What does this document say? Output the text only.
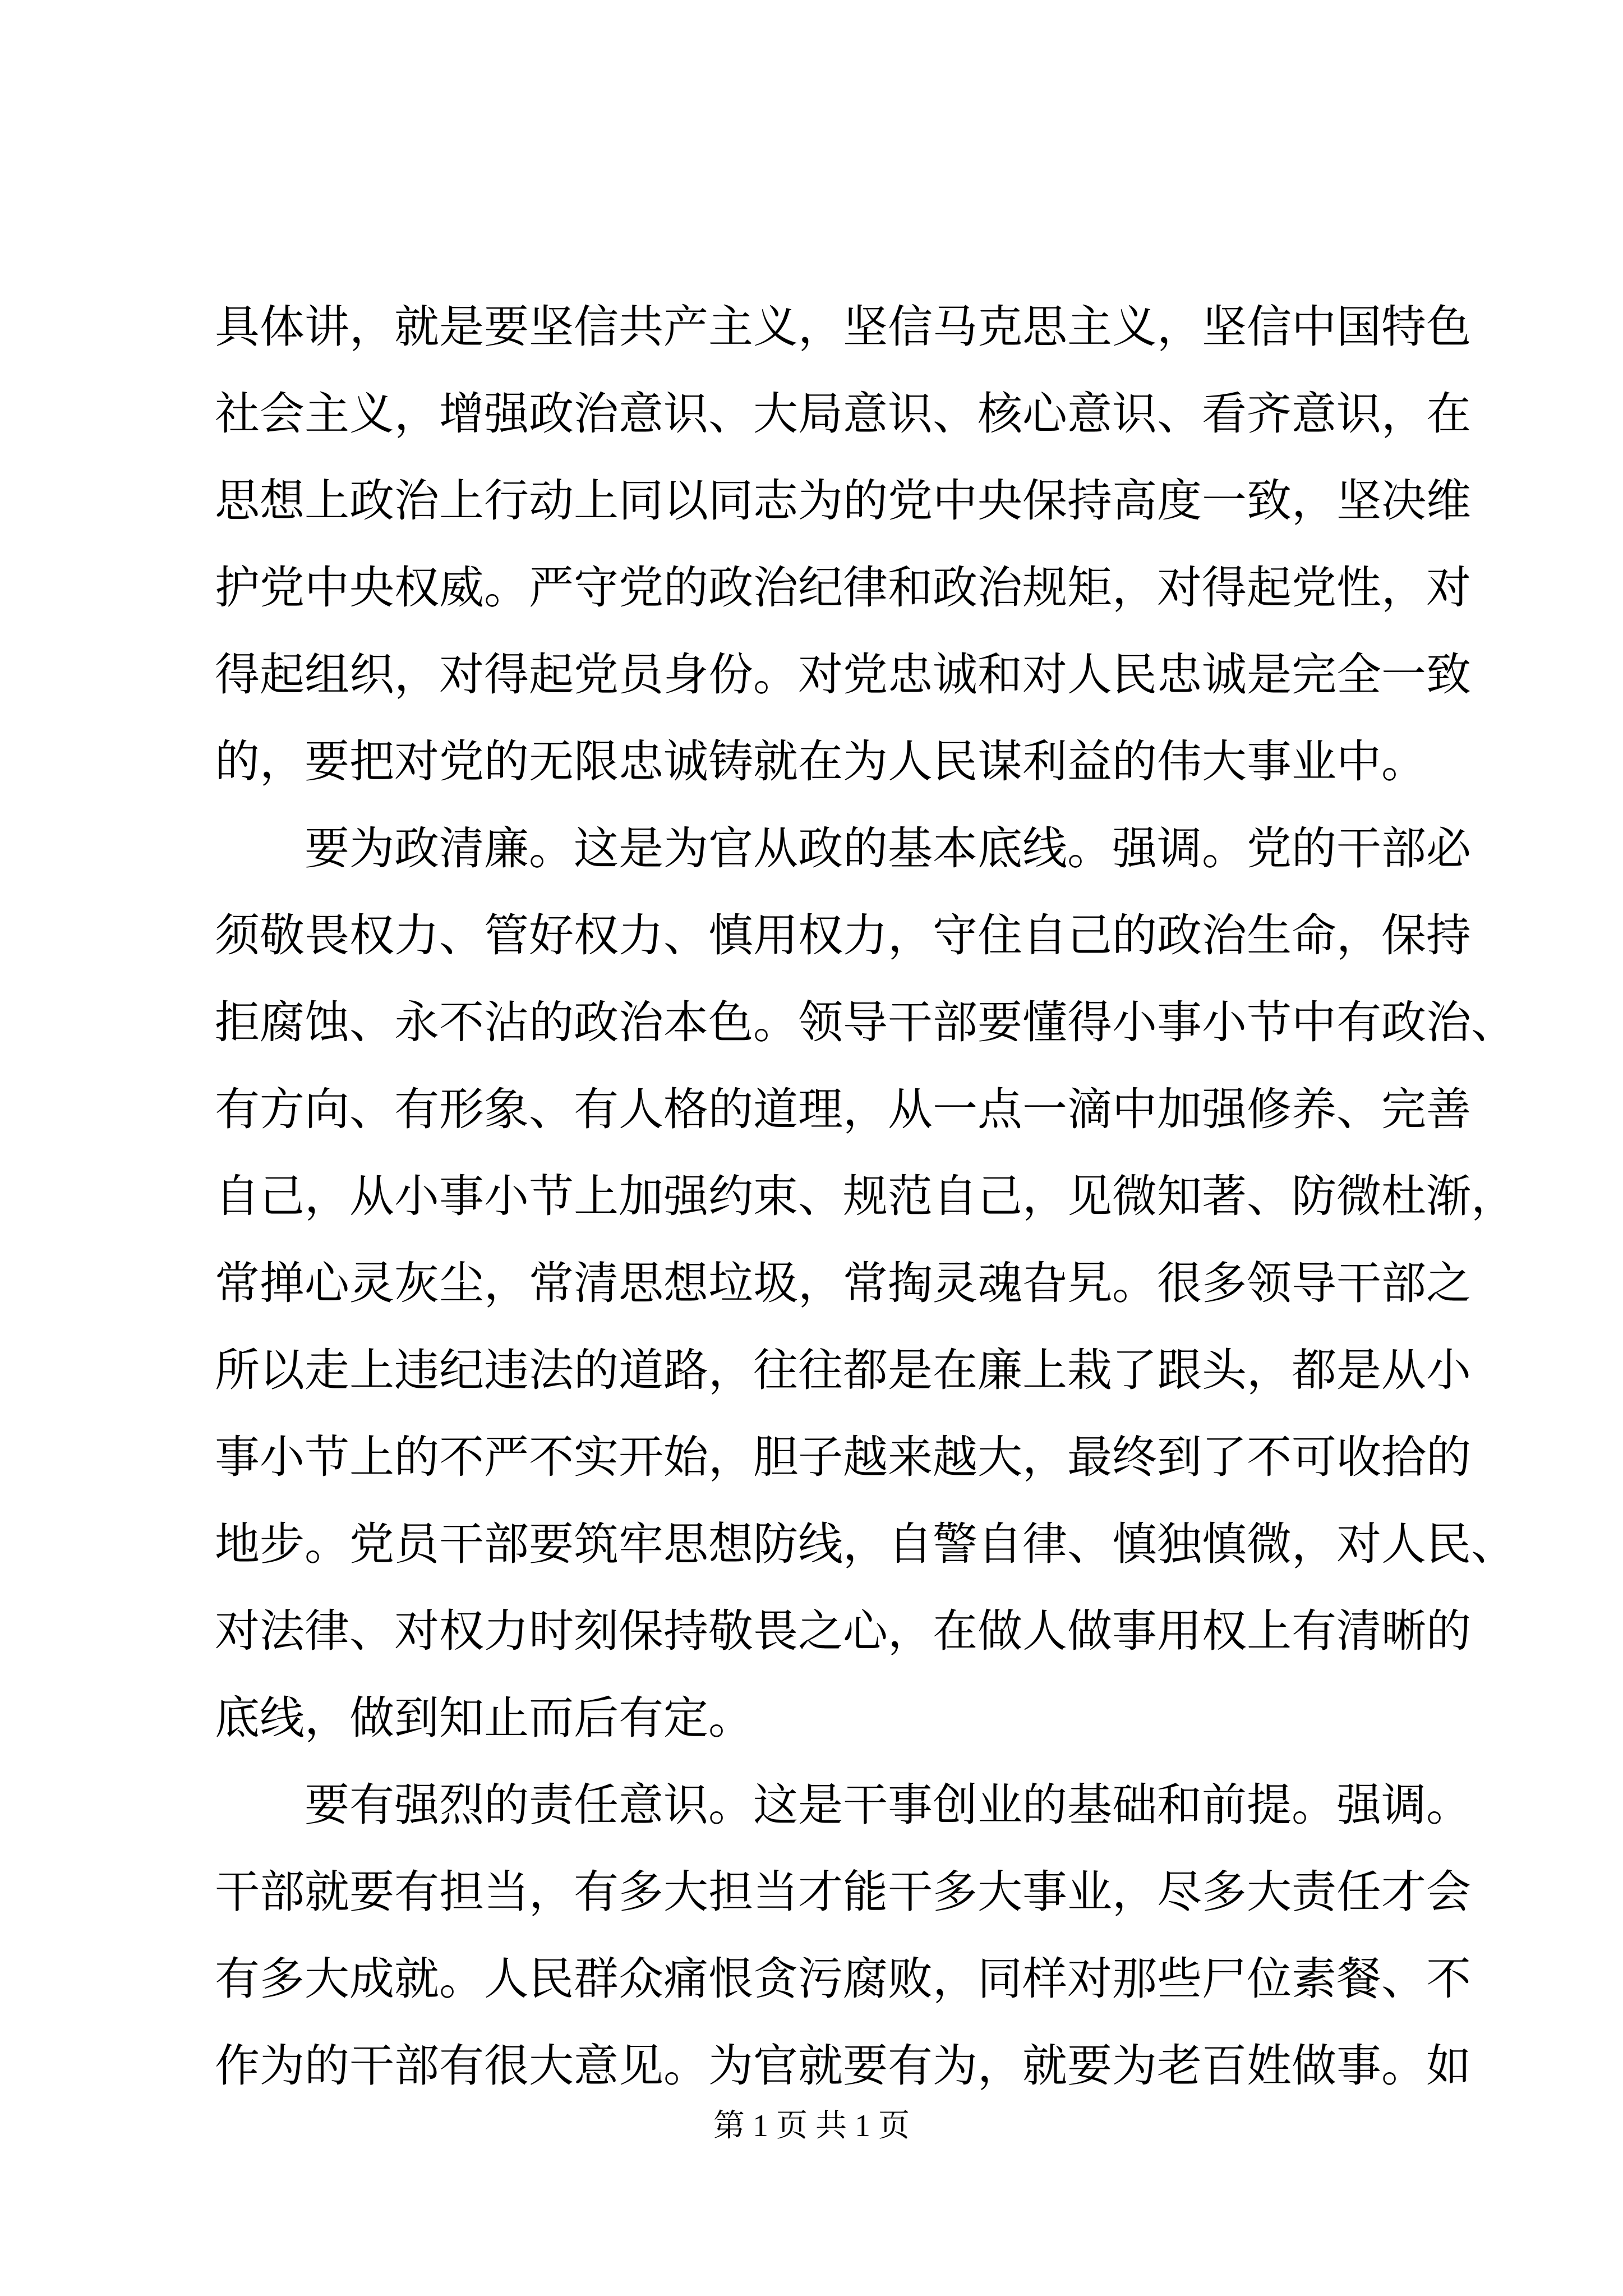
具体讲，就是要坚信共产主义，坚信马克思主义，坚信中国特色
社会主义，增强政治意识、大局意识、核心意识、看齐意识，在
思想上政治上行动上同以同志为的党中央保持高度一致，坚决维
护党中央权威。严守党的政治纪律和政治规矩，对得起党性，对
得起组织，对得起党员身份。对党忠诚和对人民忠诚是完全一致
的，要把对党的无限忠诚铸就在为人民谋利益的伟大事业中。
要为政清廉。这是为官从政的基本底线。强调。党的干部必
须敬畏权力、管好权力、慎用权力，守住自己的政治生命，保持
拒腐蚀、永不沾的政治本色。领导干部要懂得小事小节中有政治、
有方向、有形象、有人格的道理，从一点一滴中加强修养、完善
自己，从小事小节上加强约束、规范自己，见微知著、防微杜渐，
常掸心灵灰尘，常清思想垃圾，常掏灵魂旮旯。很多领导干部之
所以走上违纪违法的道路，往往都是在廉上栽了跟头，都是从小
事小节上的不严不实开始，胆子越来越大，最终到了不可收拾的
地步。党员干部要筑牢思想防线，自警自律、慎独慎微，对人民、
对法律、对权力时刻保持敬畏之心，在做人做事用权上有清晰的
底线，做到知止而后有定。
要有强烈的责任意识。这是干事创业的基础和前提。强调。
干部就要有担当，有多大担当才能干多大事业，尽多大责任才会
有多大成就。人民群众痛恨贪污腐败，同样对那些尸位素餐、不
作为的干部有很大意见。为官就要有为，就要为老百姓做事。如
第 1 页 共 1 页
